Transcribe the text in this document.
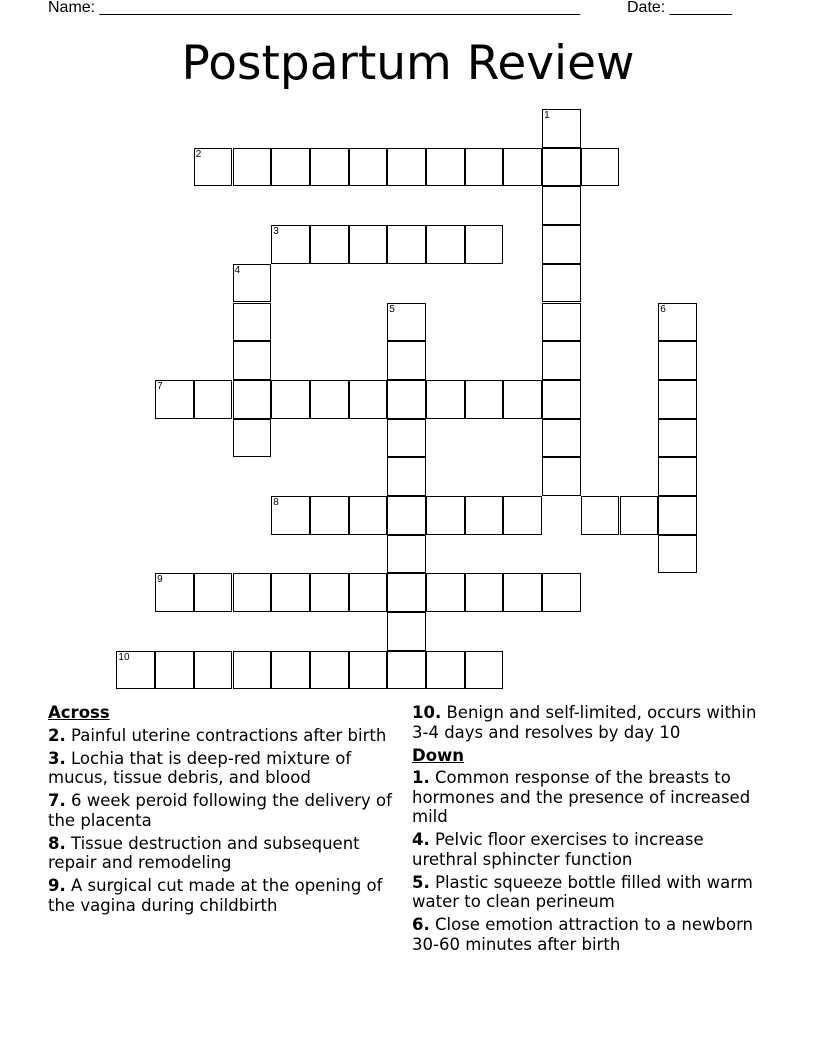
Name: ______________________________________________________	Date: _______
Postpartum Review
1
2
3
4
5	6
7
8
9
10
Across
2. Painful uterine contractions after birth
3. Lochia that is deep-red mixture of mucus, tissue debris, and blood
7. 6 week peroid following the delivery of the placenta
8. Tissue destruction and subsequent repair and remodeling
9. A surgical cut made at the opening of the vagina during childbirth
10. Benign and self-limited, occurs within 3-4 days and resolves by day 10
Down
1. Common response of the breasts to hormones and the presence of increased mild
4. Pelvic floor exercises to increase urethral sphincter function
5. Plastic squeeze bottle filled with warm water to clean perineum
6. Close emotion attraction to a newborn 30-60 minutes after birth
